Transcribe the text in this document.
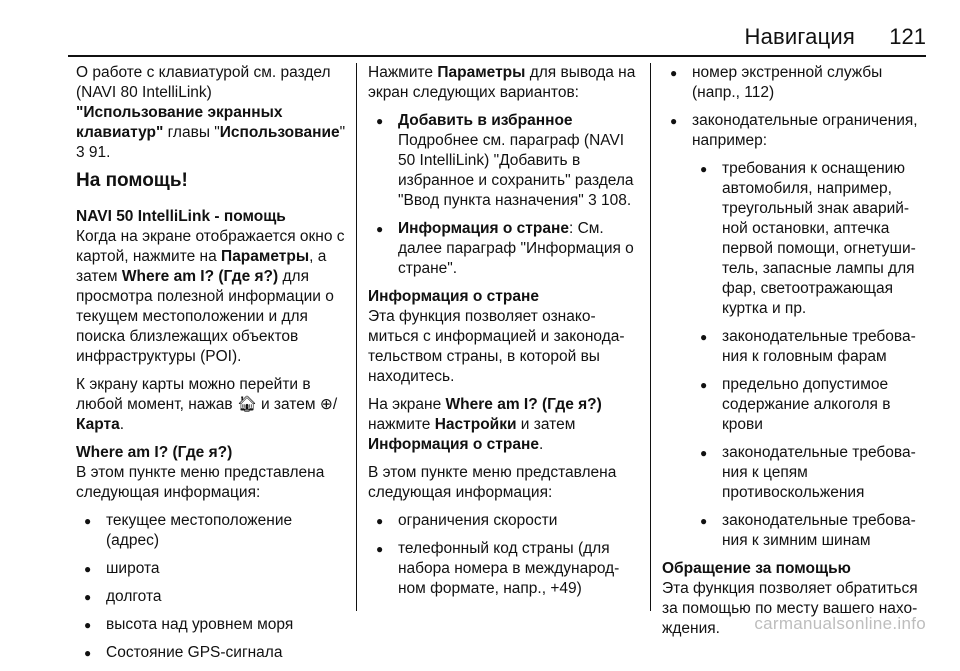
Навигация 121

О работе с клавиатурой см. раздел (NAVI 80 IntelliLink)
"Использование экранных клавиатур" главы "Использование" 3 91.

На помощь!
NAVI 50 IntelliLink - помощь

Когда на экране отображается окно с картой, нажмите на Параметры, а затем Where am I? (Где я?) для просмотра полезной информации о текущем местоположении и для поиска близлежащих объектов инфраструктуры (POI).

К экрану карты можно перейти в любой момент, нажав 🏠︎ и затем ⊕/
Карта.

Where am I? (Где я?)

В этом пункте меню представлена следующая информация:

● текущее местоположение (адрес)
● широта
● долгота
● высота над уровнем моря
● Состояние GPS-сигнала

Нажмите Параметры для вывода на экран следующих вариантов:

● Добавить в избранное
Подробнее см. параграф (NAVI 50 IntelliLink) "Добавить в избранное и сохранить" раздела "Ввод пункта назначения" 3 108.
● Информация о стране: См. далее параграф "Информация о стране".
Информация о стране

Эта функция позволяет ознакомиться с информацией и законодательством страны, в которой вы находитесь.

На экране Where am I? (Где я?) нажмите Настройки и затем Информация о стране.

В этом пункте меню представлена следующая информация:

● ограничения скорости
● телефонный код страны (для набора номера в международном формате, напр., +49)
● номер экстренной службы (напр., 112)
● законодательные ограничения, например:
● требования к оснащению автомобиля, например, треугольный знак аварийной остановки, аптечка первой помощи, огнетушитель, запасные лампы для фар, светоотражающая куртка и пр.
● законодательные требования к головным фарам
● предельно допустимое содержание алкоголя в крови
● законодательные требования к цепям противоскольжения
● законодательные требования к зимним шинам
Обращение за помощью

Эта функция позволяет обратиться за помощью по месту вашего нахождения.	carmanualsonline.info
